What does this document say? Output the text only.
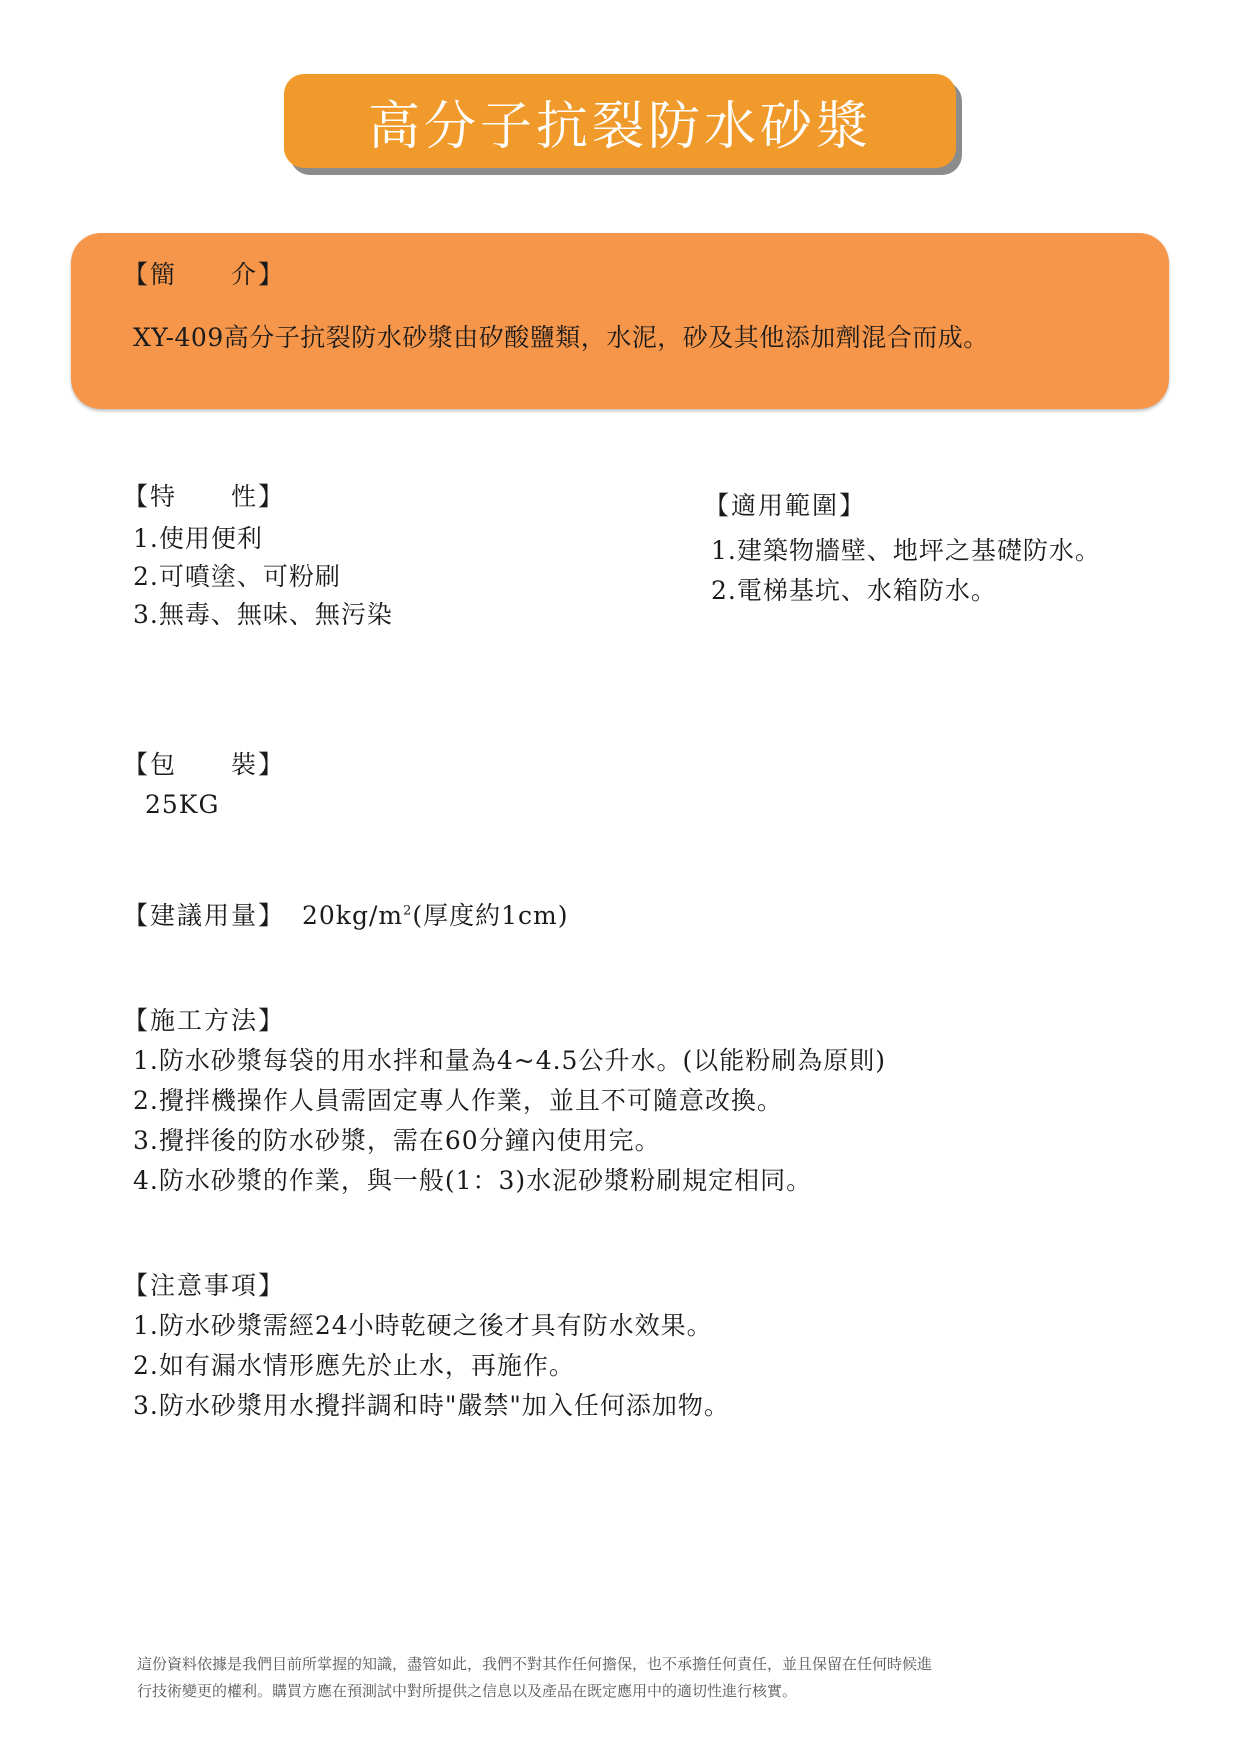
高分子抗裂防水砂漿
【簡　　介】
XY-409高分子抗裂防水砂漿由矽酸鹽類，水泥，砂及其他添加劑混合而成。
【特　　性】
1.使用便利
2.可噴塗、可粉刷
3.無毒、無味、無污染
【適用範圍】
1.建築物牆壁、地坪之基礎防水。
2.電梯基坑、水箱防水。
【包　　裝】
25KG
【建議用量】 $20kg/m^2$(厚度約1cm)
【施工方法】
1.防水砂漿每袋的用水拌和量為4~4.5公升水。(以能粉刷為原則)
2.攪拌機操作人員需固定專人作業，並且不可隨意改換。
3.攪拌後的防水砂漿，需在60分鐘內使用完。
4.防水砂漿的作業，與一般(1：3)水泥砂漿粉刷規定相同。
【注意事項】
1.防水砂漿需經24小時乾硬之後才具有防水效果。
2.如有漏水情形應先於止水，再施作。
3.防水砂漿用水攪拌調和時"嚴禁"加入任何添加物。
這份資料依據是我們目前所掌握的知識，盡管如此，我們不對其作任何擔保，也不承擔任何責任，並且保留在任何時候進
行技術變更的權利。購買方應在預測試中對所提供之信息以及產品在既定應用中的適切性進行核實。
